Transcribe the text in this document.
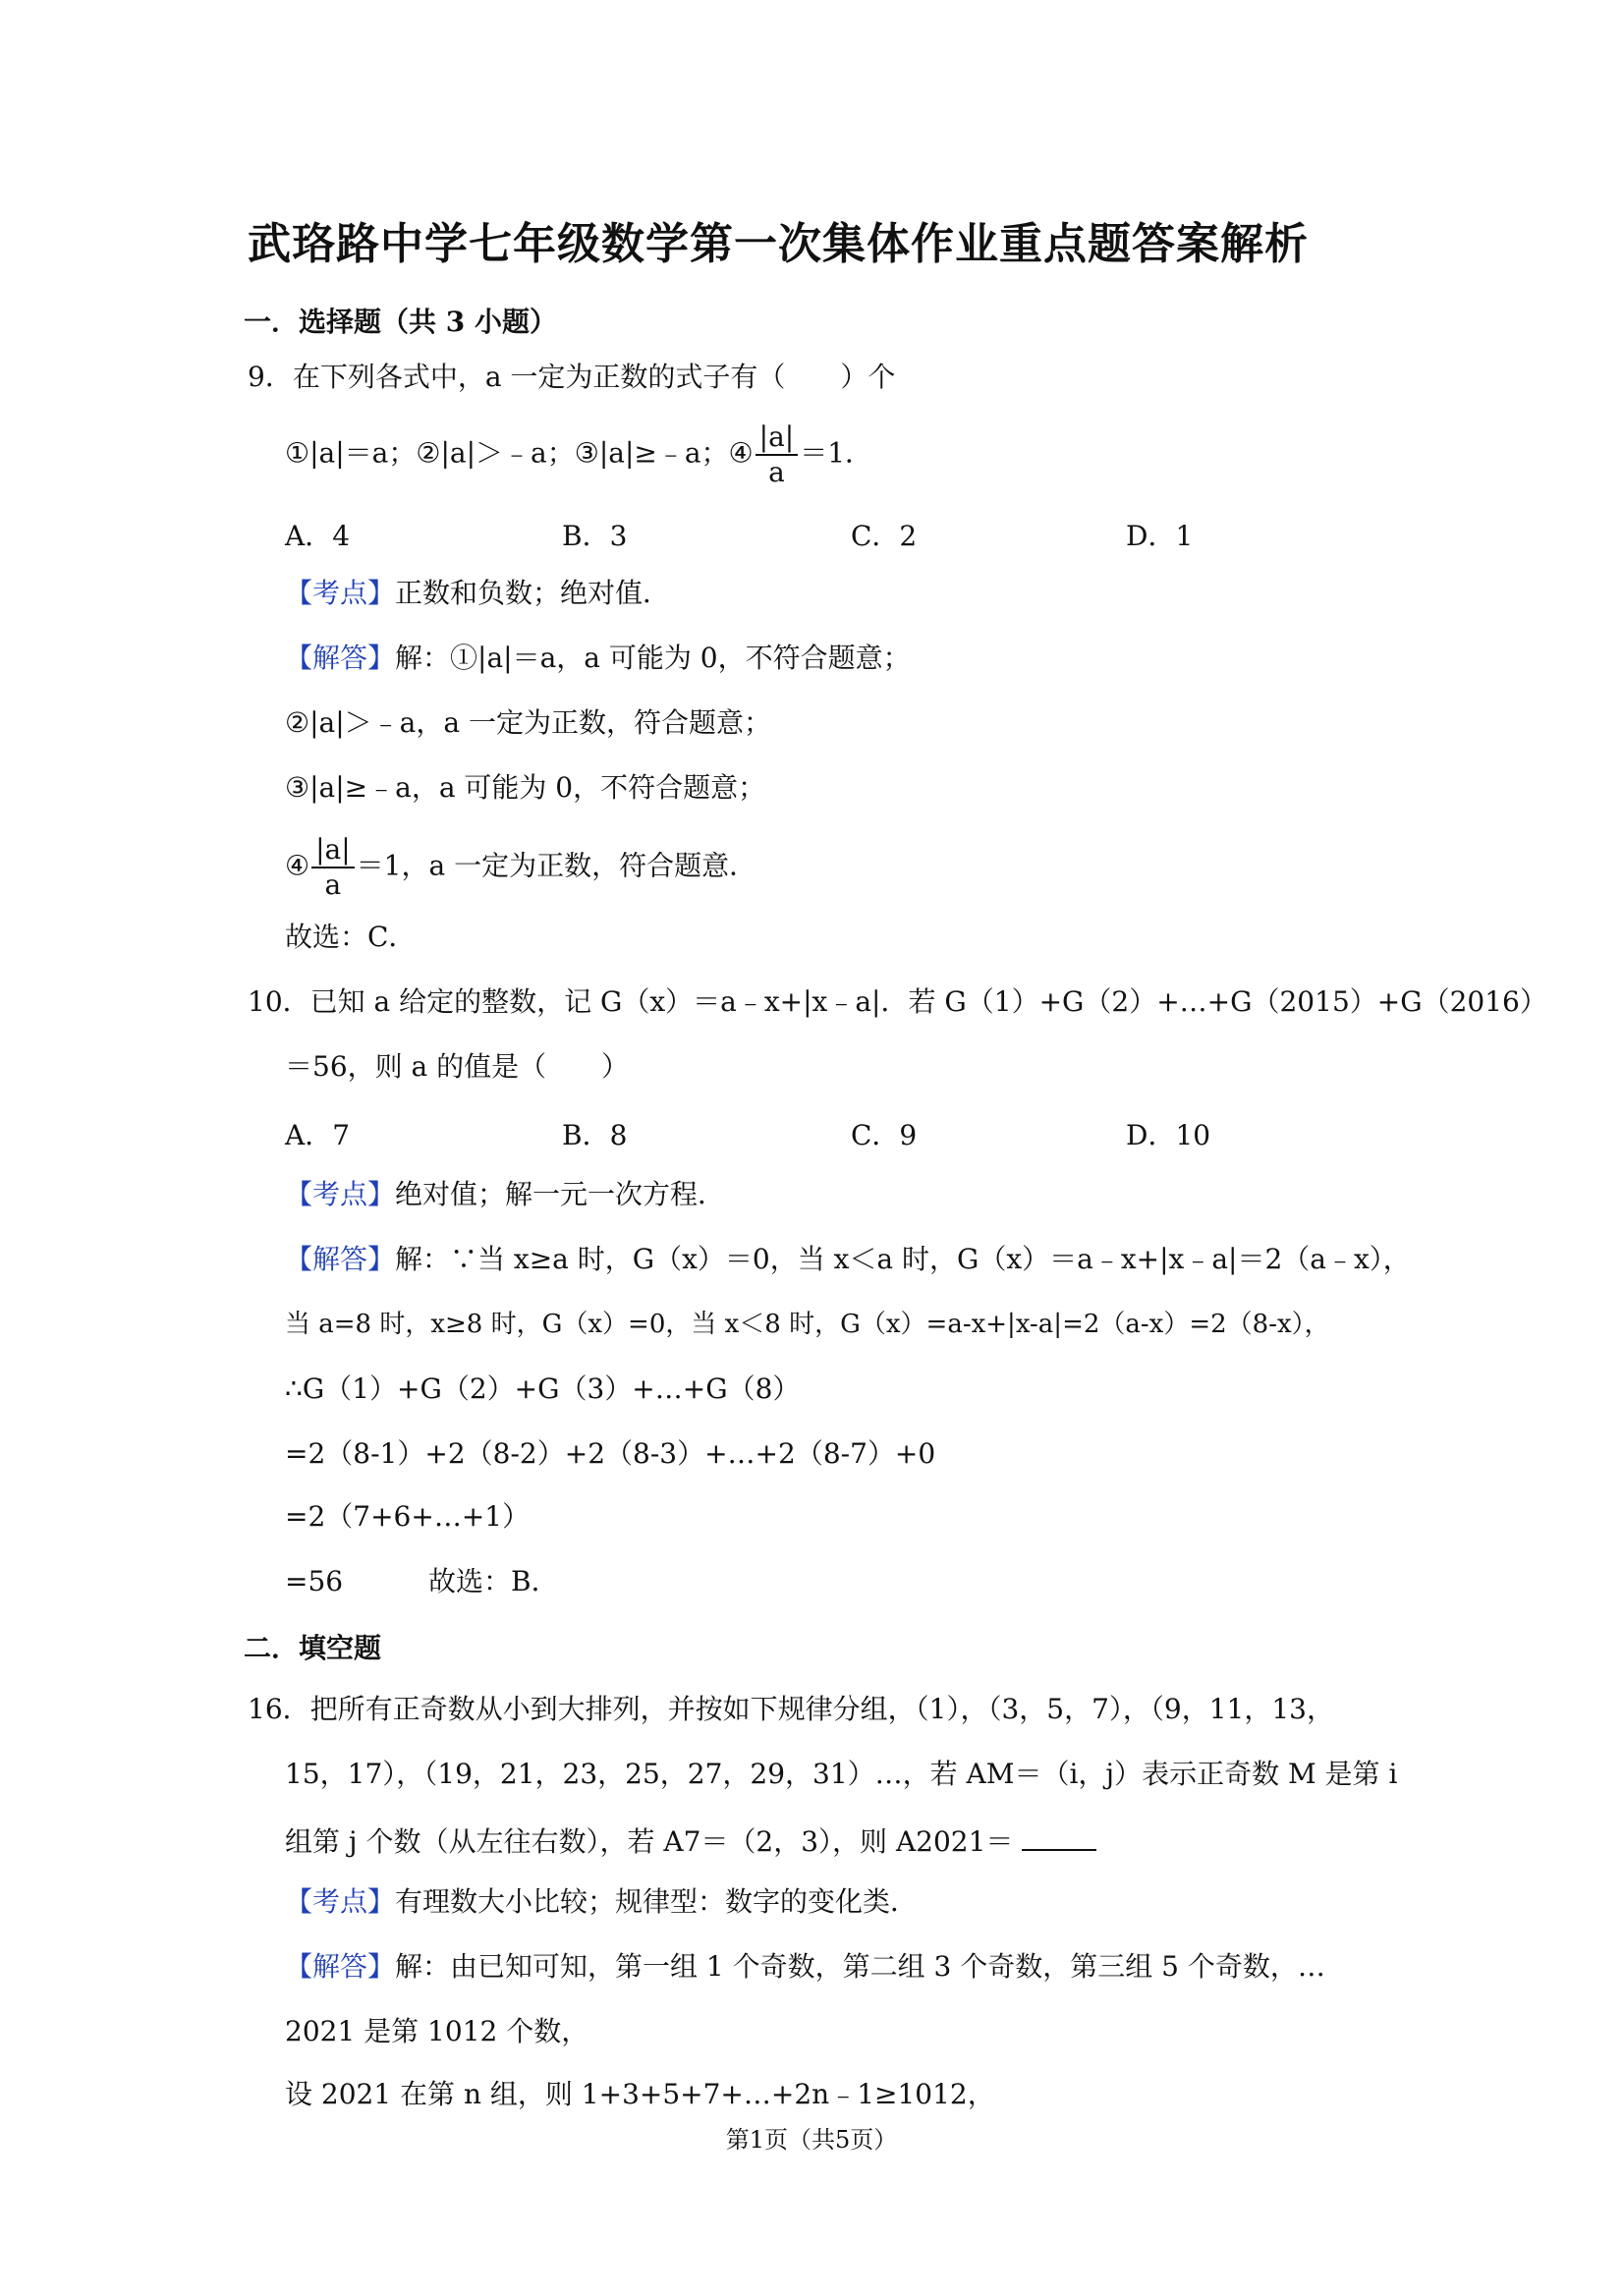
武珞路中学七年级数学第一次集体作业重点题答案解析
一．选择题（共 3 小题）
9．在下列各式中，a 一定为正数的式子有（　　）个
①|a|＝a；②|a|＞﹣a；③|a|≥﹣a；④ $\frac{|a|}{a} =1$．
A．4	B．3	C．2	D．1
【考点】正数和负数；绝对值．
【解答】解：①|a|＝a，a 可能为 0，不符合题意；
②|a|＞﹣a，a 一定为正数，符合题意；
③|a|≥﹣a，a 可能为 0，不符合题意；
④ $\frac{|a|}{a} =1$，a 一定为正数，符合题意．
故选：C．
10．已知 a 给定的整数，记 G（x）＝a﹣x+|x﹣a|．若 G（1）+G（2）+…+G（2015）+G（2016）
＝56，则 a 的值是（　　）
A．7	B．8	C．9	D．10
【考点】绝对值；解一元一次方程．
【解答】解：∵当 x≥a 时，G（x）＝0，当 x＜a 时，G（x）＝a﹣x+|x﹣a|＝2（a﹣x），
当 a=8 时，x≥8 时，G（x）=0，当 x＜8 时，G（x）=a-x+|x-a|=2（a-x）=2（8-x），
∴G（1）+G（2）+G（3）+…+G（8）
=2（8-1）+2（8-2）+2（8-3）+…+2（8-7）+0
=2（7+6+…+1）
=56	故选：B．
二．填空题
16．把所有正奇数从小到大排列，并按如下规律分组，（1），（3，5，7），（9，11，13，
15，17），（19，21，23，25，27，29，31）…，若 AM＝（i，j）表示正奇数 M 是第 i
组第 j 个数（从左往右数），若 A7＝（2，3），则 A2021＝
【考点】有理数大小比较；规律型：数字的变化类．
【解答】解：由已知可知，第一组 1 个奇数，第二组 3 个奇数，第三组 5 个奇数，…
2021 是第 1012 个数，
设 2021 在第 n 组，则 1+3+5+7+…+2n﹣1≥1012，
第1页（共5页）
